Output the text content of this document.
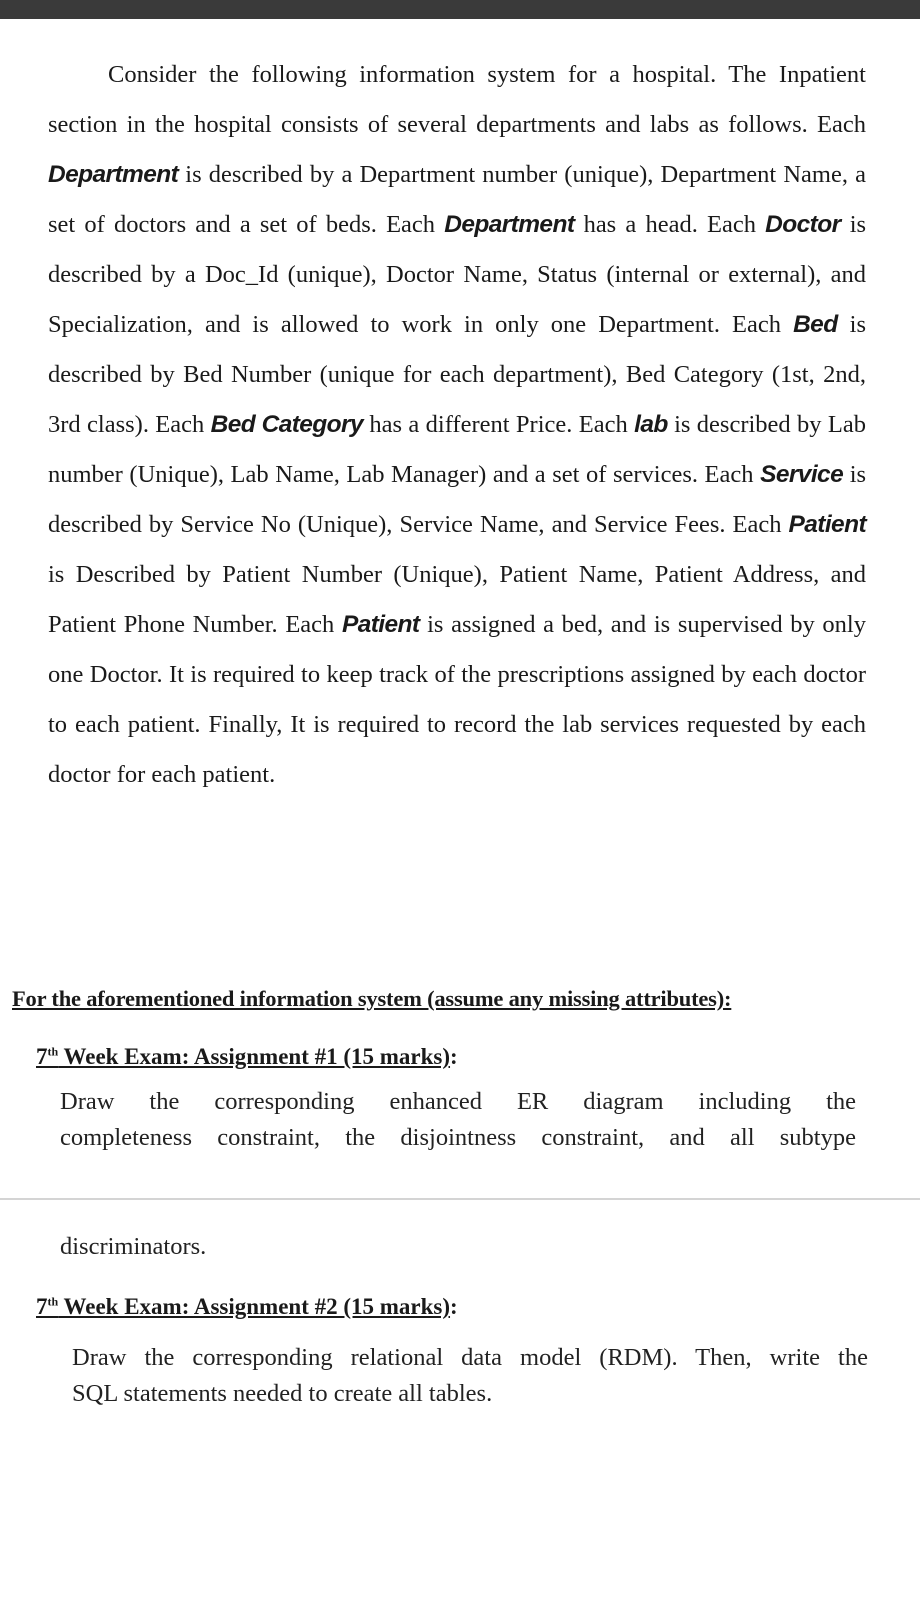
Consider the following information system for a hospital. The Inpatient section in the hospital consists of several departments and labs as follows. Each Department is described by a Department number (unique), Department Name, a set of doctors and a set of beds. Each Department has a head. Each Doctor is described by a Doc_Id (unique), Doctor Name, Status (internal or external), and Specialization, and is allowed to work in only one Department. Each Bed is described by Bed Number (unique for each department), Bed Category (1st, 2nd, 3rd class). Each Bed Category has a different Price. Each lab is described by Lab number (Unique), Lab Name, Lab Manager) and a set of services. Each Service is described by Service No (Unique), Service Name, and Service Fees. Each Patient is Described by Patient Number (Unique), Patient Name, Patient Address, and Patient Phone Number. Each Patient is assigned a bed, and is supervised by only one Doctor. It is required to keep track of the prescriptions assigned by each doctor to each patient. Finally, It is required to record the lab services requested by each doctor for each patient.

For the aforementioned information system (assume any missing attributes):
7th Week Exam: Assignment #1 (15 marks):

Draw the corresponding enhanced ER diagram including the

completeness constraint, the disjointness constraint, and all subtype

discriminators.

7th Week Exam: Assignment #2 (15 marks):

Draw the corresponding relational data model (RDM). Then, write the

SQL statements needed to create all tables.
